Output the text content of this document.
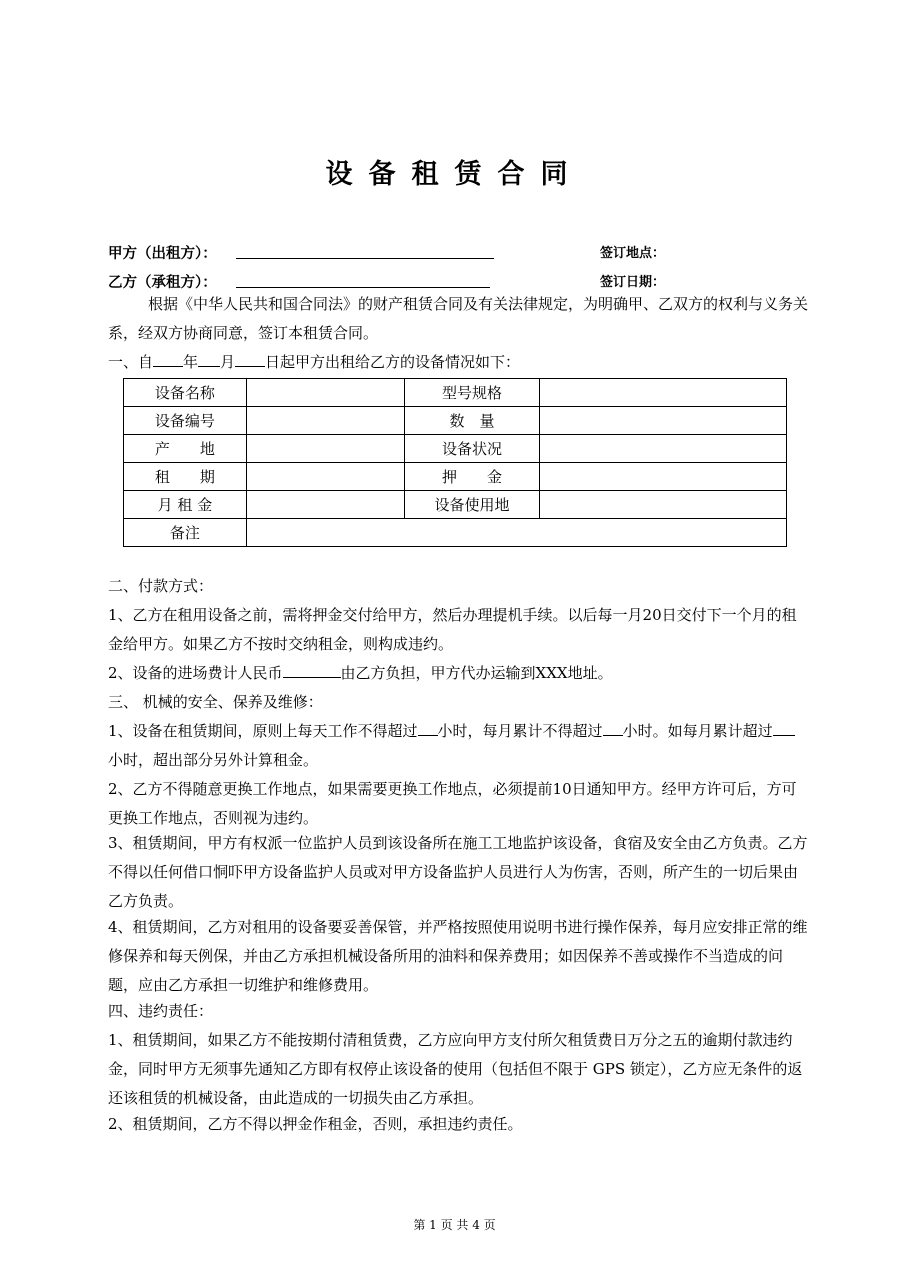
设备租赁合同
甲方（出租方）：	签订地点：
乙方（承租方）：	签订日期：
根据《中华人民共和国合同法》的财产租赁合同及有关法律规定，为明确甲、乙双方的权利与义务关系，经双方协商同意，签订本租赁合同。
一、自 年 月 日起甲方出租给乙方的设备情况如下：
设备名称		型号规格	
设备编号		数　量	
产　　地		设备状况	
租　　期		押　　金	
月 租 金		设备使用地	
备注			
二、付款方式：
1、乙方在租用设备之前，需将押金交付给甲方，然后办理提机手续。以后每一月20日交付下一个月的租金给甲方。如果乙方不按时交纳租金，则构成违约。
2、设备的进场费计人民币	由乙方负担，甲方代办运输到XXX地址。
三、 机械的安全、保养及维修：
1、设备在租赁期间，原则上每天工作不得超过 小时，每月累计不得超过 小时。如每月累计超过小时，超出部分另外计算租金。
2、乙方不得随意更换工作地点，如果需要更换工作地点，必须提前10日通知甲方。经甲方许可后，方可更换工作地点，否则视为违约。
3、租赁期间，甲方有权派一位监护人员到该设备所在施工工地监护该设备，食宿及安全由乙方负责。乙方不得以任何借口恫吓甲方设备监护人员或对甲方设备监护人员进行人为伤害，否则，所产生的一切后果由乙方负责。
4、租赁期间，乙方对租用的设备要妥善保管，并严格按照使用说明书进行操作保养，每月应安排正常的维修保养和每天例保，并由乙方承担机械设备所用的油料和保养费用；如因保养不善或操作不当造成的问题，应由乙方承担一切维护和维修费用。
四、违约责任：
1、租赁期间，如果乙方不能按期付清租赁费，乙方应向甲方支付所欠租赁费日万分之五的逾期付款违约金，同时甲方无须事先通知乙方即有权停止该设备的使用（包括但不限于 GPS 锁定），乙方应无条件的返还该租赁的机械设备，由此造成的一切损失由乙方承担。
2、租赁期间，乙方不得以押金作租金，否则，承担违约责任。
第 1 页 共 4 页
